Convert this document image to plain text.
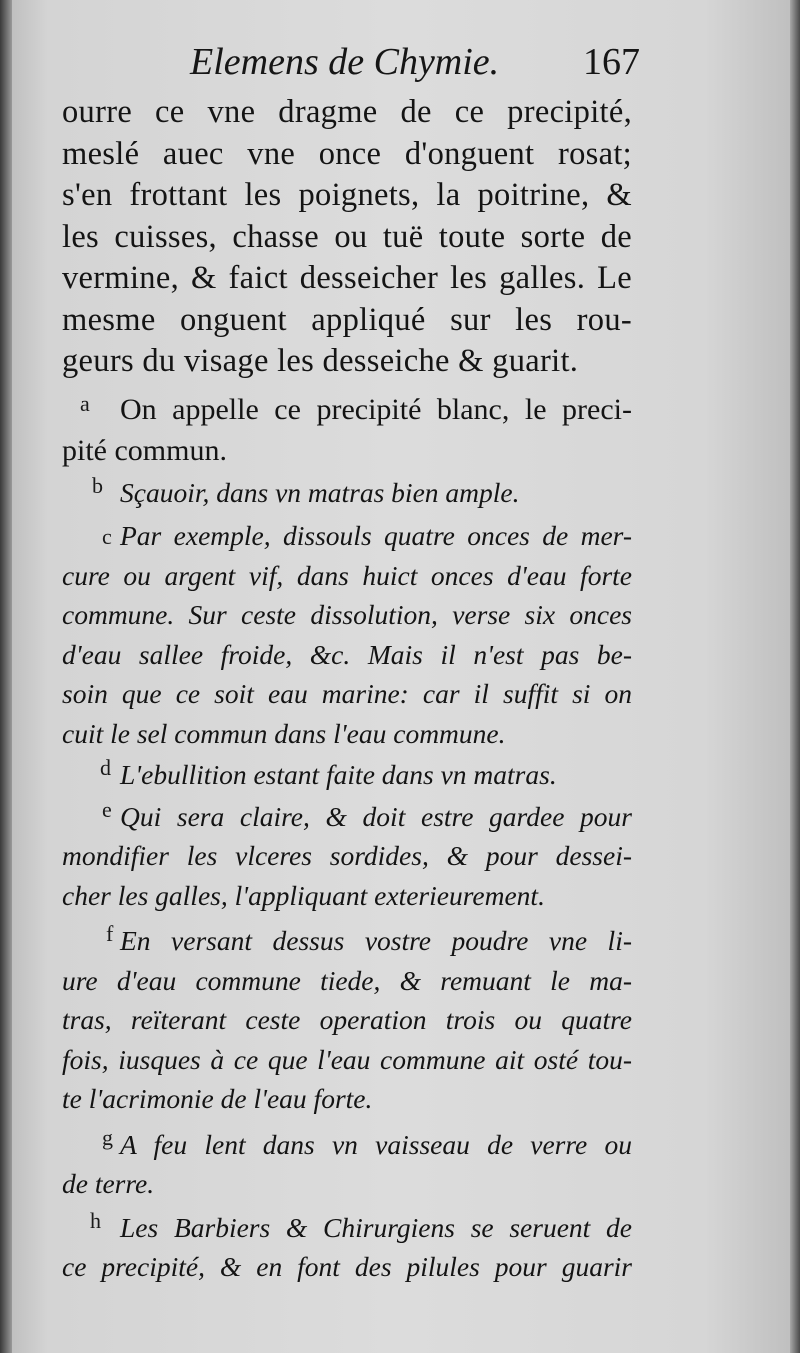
Elemens de Chymie. 167
ourre ce vne dragme de ce precipité,
meslé auec vne once d'onguent rosat;
s'en frottant les poignets, la poitrine, &
les cuisses, chasse ou tuë toute sorte de
vermine, & faict desseicher les galles. Le
mesme onguent appliqué sur les rou-
geurs du visage les desseiche & guarit.
a	On appelle ce precipité blanc, le preci-
pité commun.
b Sçauoir, dans vn matras bien ample.
c Par exemple, dissouls quatre onces de mer-
cure ou argent vif, dans huict onces d'eau forte
commune. Sur ceste dissolution, verse six onces
d'eau sallee froide, &c. Mais il n'est pas be-
soin que ce soit eau marine: car il suffit si on
cuit le sel commun dans l'eau commune.
d L'ebullition estant faite dans vn matras.
e Qui sera claire, & doit estre gardee pour
mondifier les vlceres sordides, & pour dessei-
cher les galles, l'appliquant exterieurement.
f En versant dessus vostre poudre vne li-
ure d'eau commune tiede, & remuant le ma-
tras, reïterant ceste operation trois ou quatre
fois, iusques à ce que l'eau commune ait osté tou-
te l'acrimonie de l'eau forte.
g A feu lent dans vn vaisseau de verre ou
de terre.
h Les Barbiers & Chirurgiens se seruent de
ce precipité, & en font des pilules pour guarir
